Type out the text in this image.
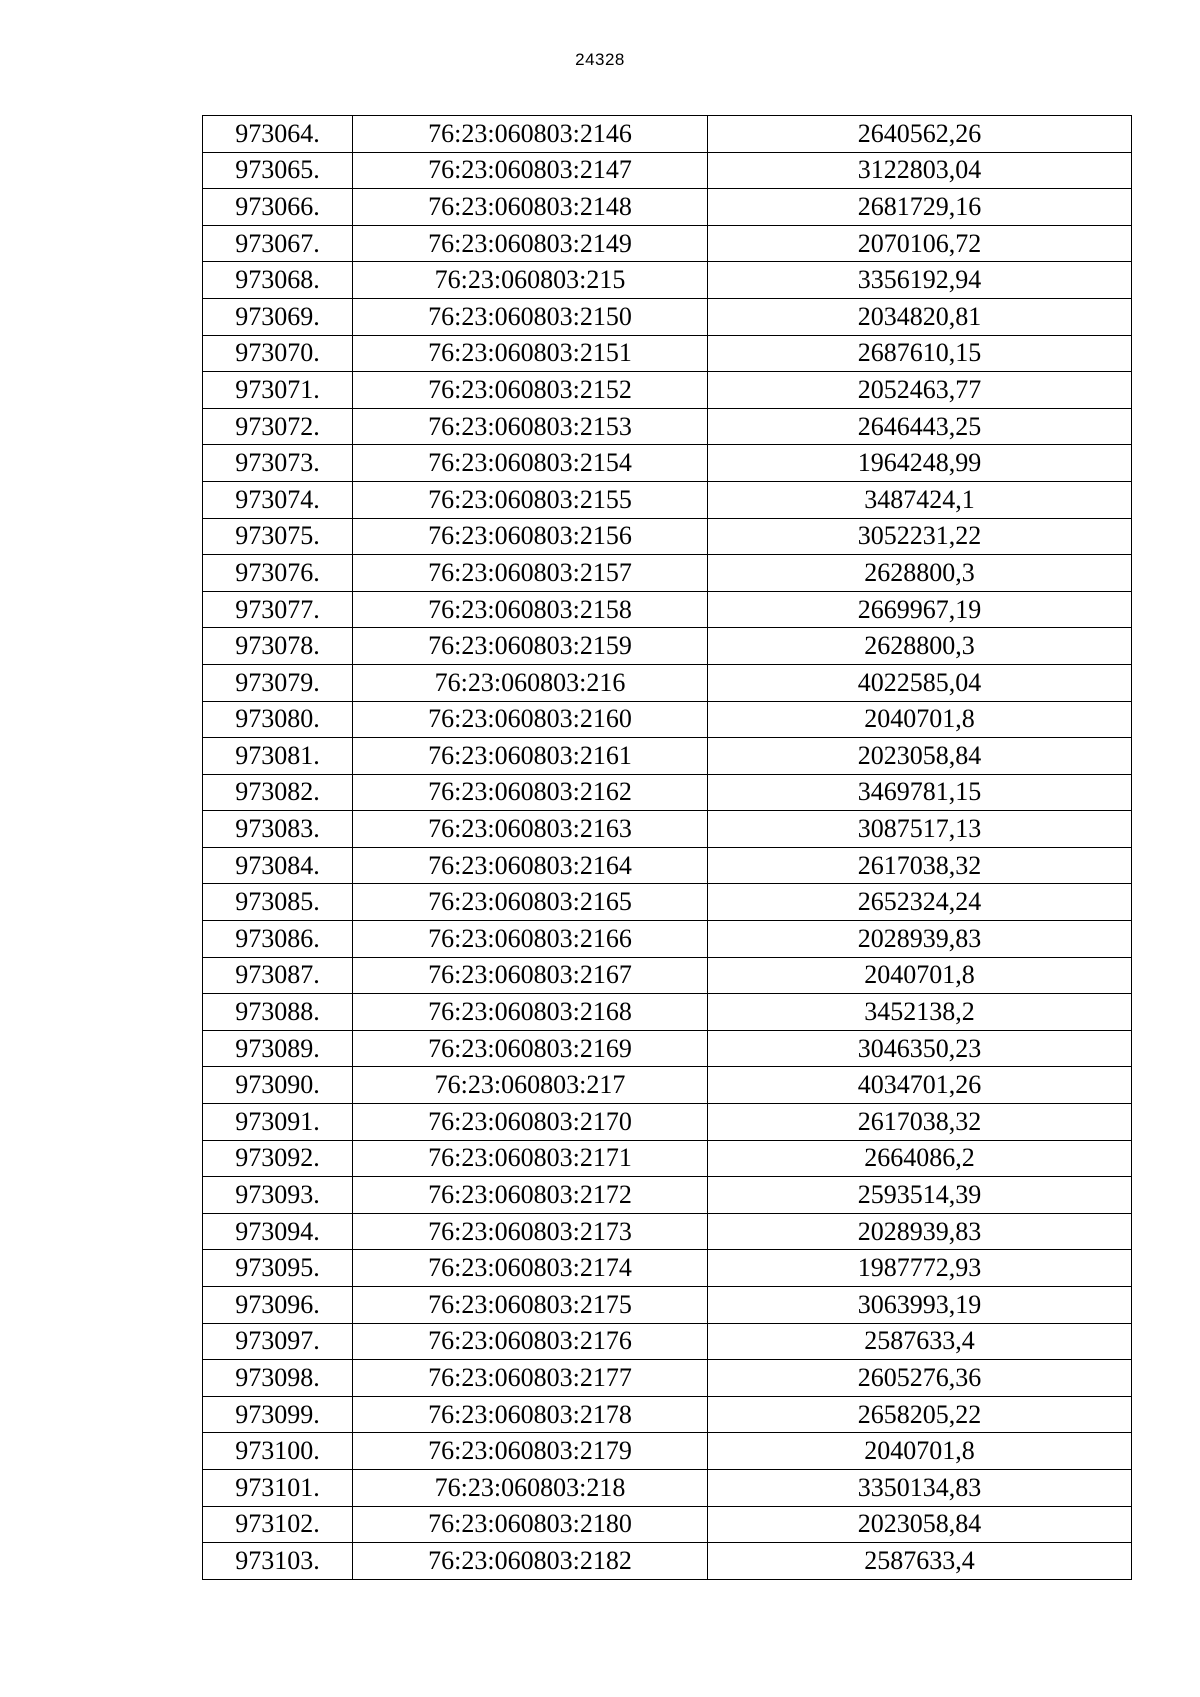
24328
973064.	76:23:060803:2146	2640562,26
973065.	76:23:060803:2147	3122803,04
973066.	76:23:060803:2148	2681729,16
973067.	76:23:060803:2149	2070106,72
973068.	76:23:060803:215	3356192,94
973069.	76:23:060803:2150	2034820,81
973070.	76:23:060803:2151	2687610,15
973071.	76:23:060803:2152	2052463,77
973072.	76:23:060803:2153	2646443,25
973073.	76:23:060803:2154	1964248,99
973074.	76:23:060803:2155	3487424,1
973075.	76:23:060803:2156	3052231,22
973076.	76:23:060803:2157	2628800,3
973077.	76:23:060803:2158	2669967,19
973078.	76:23:060803:2159	2628800,3
973079.	76:23:060803:216	4022585,04
973080.	76:23:060803:2160	2040701,8
973081.	76:23:060803:2161	2023058,84
973082.	76:23:060803:2162	3469781,15
973083.	76:23:060803:2163	3087517,13
973084.	76:23:060803:2164	2617038,32
973085.	76:23:060803:2165	2652324,24
973086.	76:23:060803:2166	2028939,83
973087.	76:23:060803:2167	2040701,8
973088.	76:23:060803:2168	3452138,2
973089.	76:23:060803:2169	3046350,23
973090.	76:23:060803:217	4034701,26
973091.	76:23:060803:2170	2617038,32
973092.	76:23:060803:2171	2664086,2
973093.	76:23:060803:2172	2593514,39
973094.	76:23:060803:2173	2028939,83
973095.	76:23:060803:2174	1987772,93
973096.	76:23:060803:2175	3063993,19
973097.	76:23:060803:2176	2587633,4
973098.	76:23:060803:2177	2605276,36
973099.	76:23:060803:2178	2658205,22
973100.	76:23:060803:2179	2040701,8
973101.	76:23:060803:218	3350134,83
973102.	76:23:060803:2180	2023058,84
973103.	76:23:060803:2182	2587633,4
